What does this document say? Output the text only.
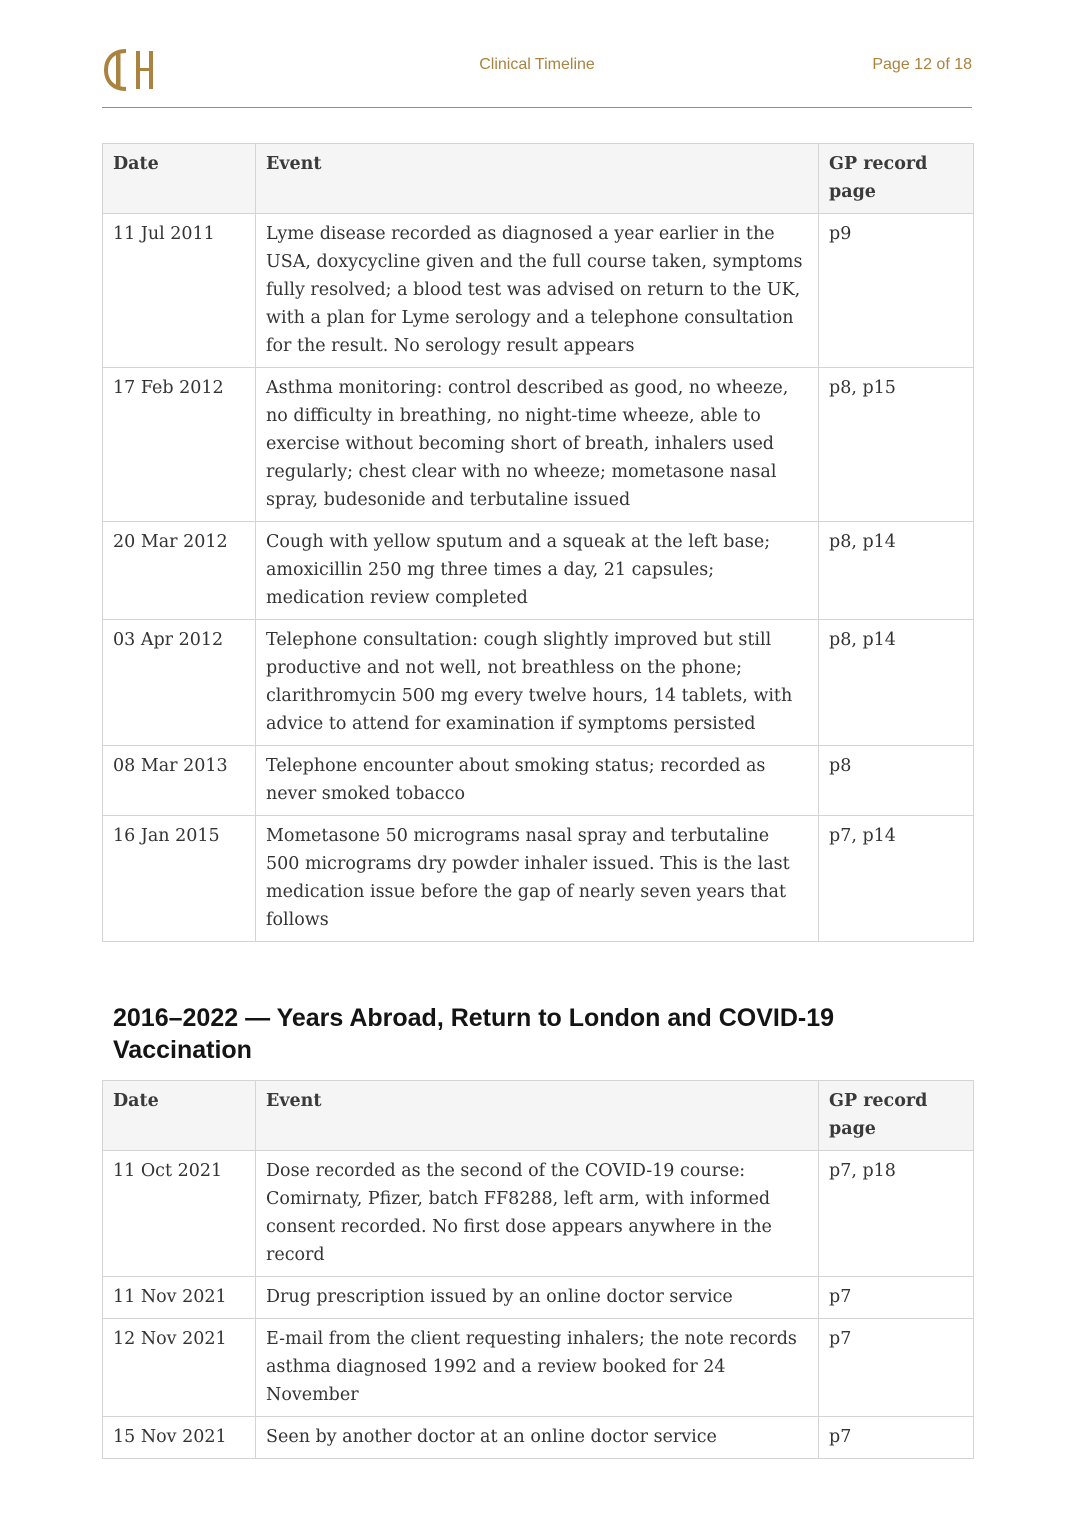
Clinical Timeline	Page 12 of 18
Date	Event	GP record page
11 Jul 2011	Lyme disease recorded as diagnosed a year earlier in the USA, doxycycline given and the full course taken, symptoms fully resolved; a blood test was advised on return to the UK, with a plan for Lyme serology and a telephone consultation for the result. No serology result appears	p9
17 Feb 2012	Asthma monitoring: control described as good, no wheeze, no difficulty in breathing, no night-time wheeze, able to exercise without becoming short of breath, inhalers used regularly; chest clear with no wheeze; mometasone nasal spray, budesonide and terbutaline issued	p8, p15
20 Mar 2012	Cough with yellow sputum and a squeak at the left base; amoxicillin 250 mg three times a day, 21 capsules; medication review completed	p8, p14
03 Apr 2012	Telephone consultation: cough slightly improved but still productive and not well, not breathless on the phone; clarithromycin 500 mg every twelve hours, 14 tablets, with advice to attend for examination if symptoms persisted	p8, p14
08 Mar 2013	Telephone encounter about smoking status; recorded as never smoked tobacco	p8
16 Jan 2015	Mometasone 50 micrograms nasal spray and terbutaline 500 micrograms dry powder inhaler issued. This is the last medication issue before the gap of nearly seven years that follows	p7, p14
2016–2022 — Years Abroad, Return to London and COVID-19 Vaccination
Date	Event	GP record page
11 Oct 2021	Dose recorded as the second of the COVID-19 course: Comirnaty, Pfizer, batch FF8288, left arm, with informed consent recorded. No first dose appears anywhere in the record	p7, p18
11 Nov 2021	Drug prescription issued by an online doctor service	p7
12 Nov 2021	E-mail from the client requesting inhalers; the note records asthma diagnosed 1992 and a review booked for 24 November	p7
15 Nov 2021	Seen by another doctor at an online doctor service	p7
